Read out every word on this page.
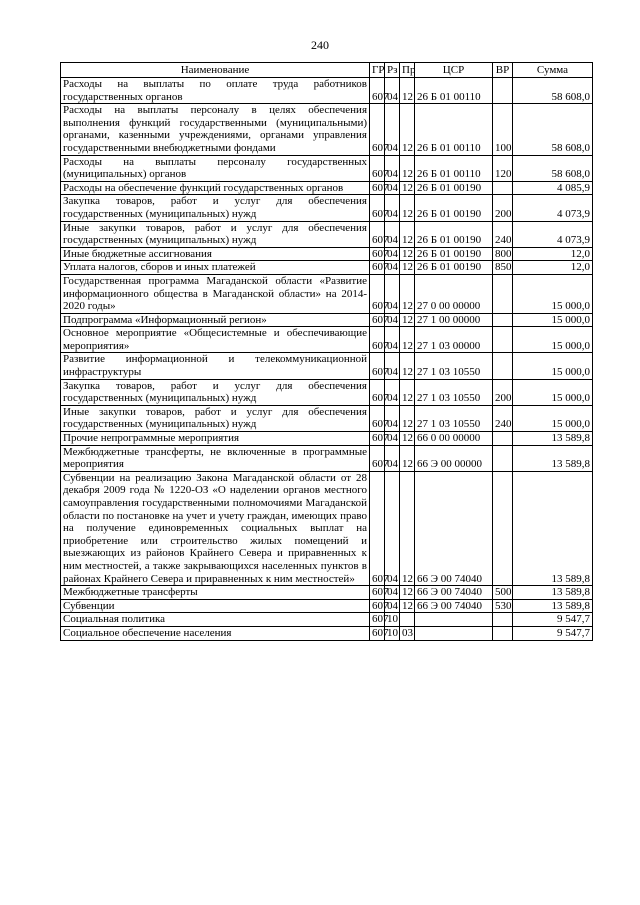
240
Наименование	ГР	Рз	Пр	ЦСР	ВР	Сумма
Расходы на выплаты по оплате труда работников государственных органов	607	04	12	26 Б 01 00110		58 608,0
Расходы на выплаты персоналу в целях обеспечения выполнения функций государственными (муниципальными) органами, казенными учреждениями, органами управления государственными внебюджетными фондами	607	04	12	26 Б 01 00110	100	58 608,0
Расходы на выплаты персоналу государственных (муниципальных) органов	607	04	12	26 Б 01 00110	120	58 608,0
Расходы на обеспечение функций государственных органов	607	04	12	26 Б 01 00190		4 085,9
Закупка товаров, работ и услуг для обеспечения государственных (муниципальных) нужд	607	04	12	26 Б 01 00190	200	4 073,9
Иные закупки товаров, работ и услуг для обеспечения государственных (муниципальных) нужд	607	04	12	26 Б 01 00190	240	4 073,9
Иные бюджетные ассигнования	607	04	12	26 Б 01 00190	800	12,0
Уплата налогов, сборов и иных платежей	607	04	12	26 Б 01 00190	850	12,0
Государственная программа Магаданской области «Развитие информационного общества в Магаданской области» на 2014-2020 годы»	607	04	12	27 0 00 00000		15 000,0
Подпрограмма «Информационный регион»	607	04	12	27 1 00 00000		15 000,0
Основное мероприятие «Общесистемные и обеспечивающие мероприятия»	607	04	12	27 1 03 00000		15 000,0
Развитие информационной и телекоммуникационной инфраструктуры	607	04	12	27 1 03 10550		15 000,0
Закупка товаров, работ и услуг для обеспечения государственных (муниципальных) нужд	607	04	12	27 1 03 10550	200	15 000,0
Иные закупки товаров, работ и услуг для обеспечения государственных (муниципальных) нужд	607	04	12	27 1 03 10550	240	15 000,0
Прочие непрограммные мероприятия	607	04	12	66 0 00 00000		13 589,8
Межбюджетные трансферты, не включенные в программные мероприятия	607	04	12	66 Э 00 00000		13 589,8
Субвенции на реализацию Закона Магаданской области от 28 декабря 2009 года № 1220-ОЗ «О наделении органов местного самоуправления государственными полномочиями Магаданской области по постановке на учет и учету граждан, имеющих право на получение единовременных социальных выплат на приобретение или строительство жилых помещений и выезжающих из районов Крайнего Севера и приравненных к ним местностей, а также закрывающихся населенных пунктов в районах Крайнего Севера и приравненных к ним местностей»	607	04	12	66 Э 00 74040		13 589,8
Межбюджетные трансферты	607	04	12	66 Э 00 74040	500	13 589,8
Субвенции	607	04	12	66 Э 00 74040	530	13 589,8
Социальная политика	607	10				9 547,7
Социальное обеспечение населения	607	10	03			9 547,7
